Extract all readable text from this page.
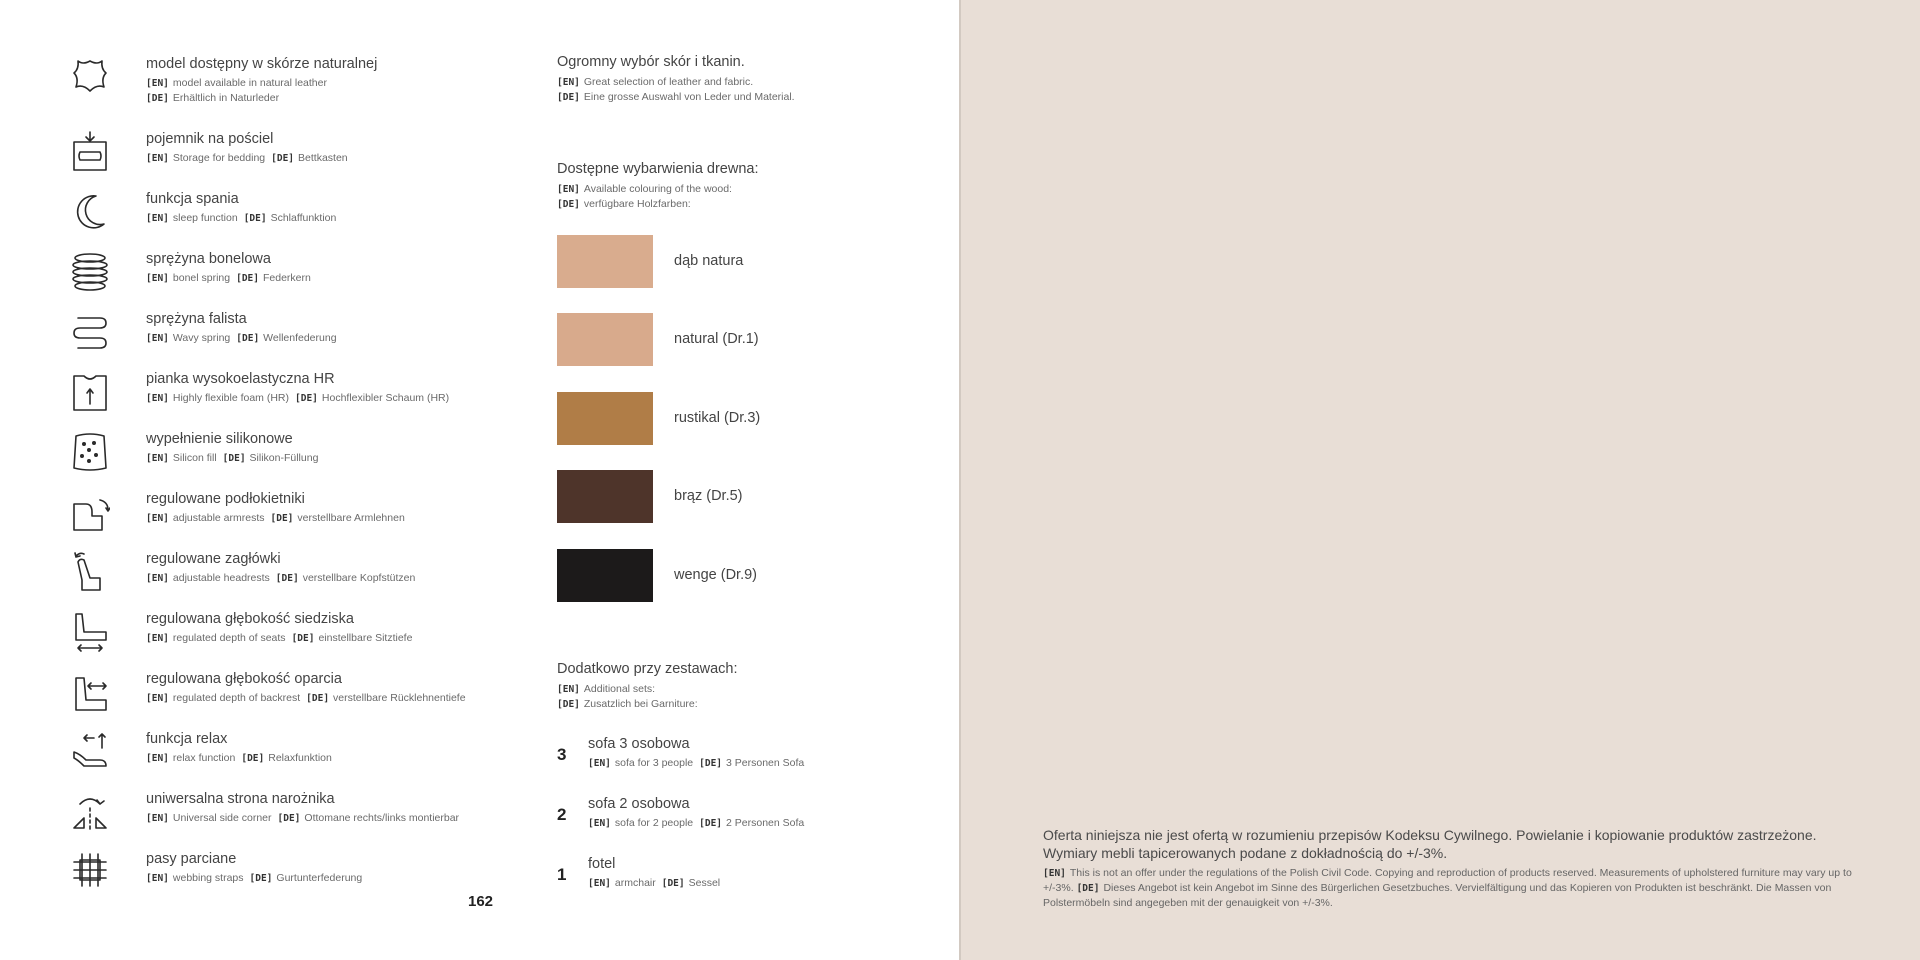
model dostępny w skórze naturalnej
[EN] model available in natural leather
[DE] Erhältlich in Naturleder
pojemnik na pościel
[EN] Storage for bedding [DE] Bettkasten
funkcja spania
[EN] sleep function [DE] Schlaffunktion
sprężyna bonelowa
[EN] bonel spring [DE] Federkern
sprężyna falista
[EN] Wavy spring [DE] Wellenfederung
pianka wysokoelastyczna HR
[EN] Highly flexible foam (HR) [DE] Hochflexibler Schaum (HR)
wypełnienie silikonowe
[EN] Silicon fill [DE] Silikon-Füllung
regulowane podłokietniki
[EN] adjustable armrests [DE] verstellbare Armlehnen
regulowane zagłówki
[EN] adjustable headrests [DE] verstellbare Kopfstützen
regulowana głębokość siedziska
[EN] regulated depth of seats [DE] einstellbare Sitztiefe
regulowana głębokość oparcia
[EN] regulated depth of backrest [DE] verstellbare Rücklehnentiefe
funkcja relax
[EN] relax function [DE] Relaxfunktion
uniwersalna strona narożnika
[EN] Universal side corner [DE] Ottomane rechts/links montierbar
pasy parciane
[EN] webbing straps [DE] Gurtunterfederung
162
Ogromny wybór skór i tkanin.
[EN] Great selection of leather and fabric.
[DE] Eine grosse Auswahl von Leder und Material.
Dostępne wybarwienia drewna:
[EN] Available colouring of the wood:
[DE] verfügbare Holzfarben:
dąb natura
natural (Dr.1)
rustikal (Dr.3)
brąz (Dr.5)
wenge (Dr.9)
Dodatkowo przy zestawach:
[EN] Additional sets:
[DE] Zusatzlich bei Garniture:
3
sofa 3 osobowa
[EN] sofa for 3 people [DE] 3 Personen Sofa
2
sofa 2 osobowa
[EN] sofa for 2 people [DE] 2 Personen Sofa
1
fotel
[EN] armchair [DE] Sessel
Oferta niniejsza nie jest ofertą w rozumieniu przepisów Kodeksu Cywilnego. Powielanie i kopiowanie produktów zastrzeżone. Wymiary mebli tapicerowanych podane z dokładnością do +/-3%.
[EN] This is not an offer under the regulations of the Polish Civil Code. Copying and reproduction of products reserved. Measurements of upholstered furniture may vary up to +/-3%. [DE] Dieses Angebot ist kein Angebot im Sinne des Bürgerlichen Gesetzbuches. Vervielfältigung und das Kopieren von Produkten ist beschränkt. Die Massen von Polstermöbeln sind angegeben mit der genauigkeit von +/-3%.
